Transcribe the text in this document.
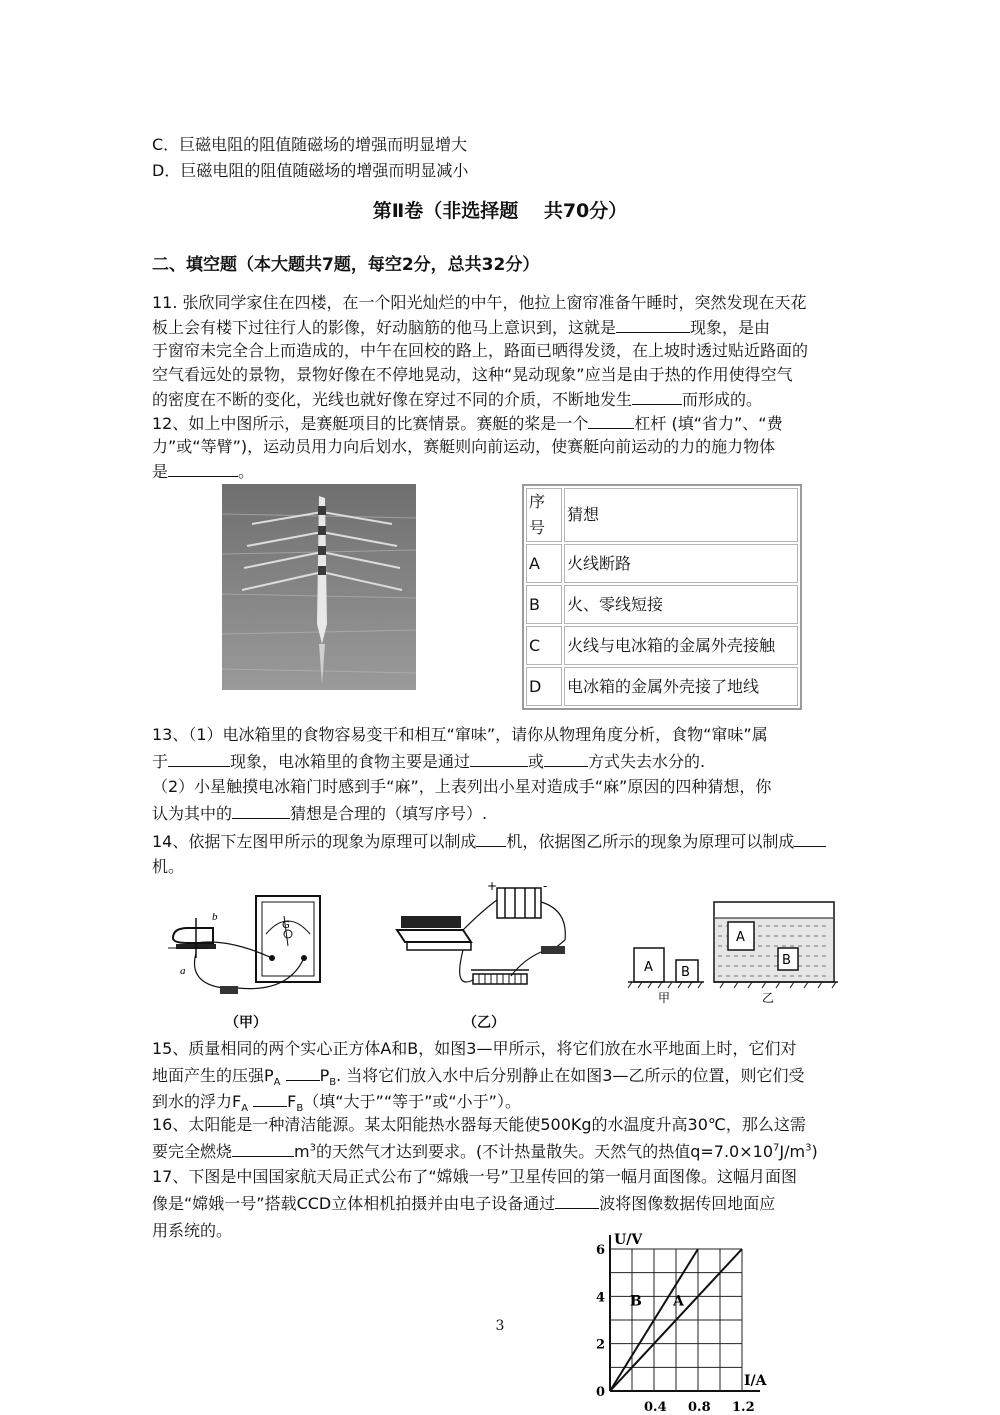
C．巨磁电阻的阻值随磁场的增强而明显增大
D．巨磁电阻的阻值随磁场的增强而明显减小
第Ⅱ卷（非选择题　 共70分）
二、填空题（本大题共7题，每空2分，总共32分）
11. 张欣同学家住在四楼，在一个阳光灿烂的中午，他拉上窗帘准备午睡时，突然发现在天花
板上会有楼下过往行人的影像，好动脑筋的他马上意识到，这就是	现象，是由
于窗帘未完全合上而造成的，中午在回校的路上，路面已晒得发烫，在上坡时透过贴近路面的
空气看远处的景物，景物好像在不停地晃动，这种“晃动现象”应当是由于热的作用使得空气
的密度在不断的变化，光线也就好像在穿过不同的介质，不断地发生	而形成的。
12、如上中图所示，是赛艇项目的比赛情景。赛艇的桨是一个	杠杆 (填“省力”、“费
力”或“等臂”)，运动员用力向后划水，赛艇则向前运动，使赛艇向前运动的力的施力物体
是	。
序号	猜想
A	火线断路
B	火、零线短接
C	火线与电冰箱的金属外壳接触
D	电冰箱的金属外壳接了地线
13、（1）电冰箱里的食物容易变干和相互“窜味”，请你从物理角度分析，食物“窜味”属
于	现象，电冰箱里的食物主要是通过	或	方式失去水分的.
（2）小星触摸电冰箱门时感到手“麻”，上表列出小星对造成手“麻”原因的四种猜想，你
认为其中的	猜想是合理的（填写序号）.
14、依据下左图甲所示的现象为原理可以制成 机，依据图乙所示的现象为原理可以制成
机。
b
a
G
（甲）
+	-
（乙）
A B
甲
A
B
乙
15、质量相同的两个实心正方体A和B，如图3—甲所示，将它们放在水平地面上时，它们对
地面产生的压强$P_A$ $P_B$. 当将它们放入水中后分别静止在如图3—乙所示的位置，则它们受
到水的浮力$F_A$ $F_B$（填“大于”“等于”或“小于”）。
16、太阳能是一种清洁能源。某太阳能热水器每天能使500Kg的水温度升高30℃，那么这需
要完全燃烧	$m^3$的天然气才达到要求。(不计热量散失。天然气的热值$q=7.0\times 10^7J/m^3$)
17、下图是中国国家航天局正式公布了“嫦娥一号”卫星传回的第一幅月面图像。这幅月面图
像是“嫦娥一号”搭载CCD立体相机拍摄并由电子设备通过	波将图像数据传回地面应
用系统的。
B A
0
2
4
6
0.4 0.8 1.2
U/V
I/A
3
